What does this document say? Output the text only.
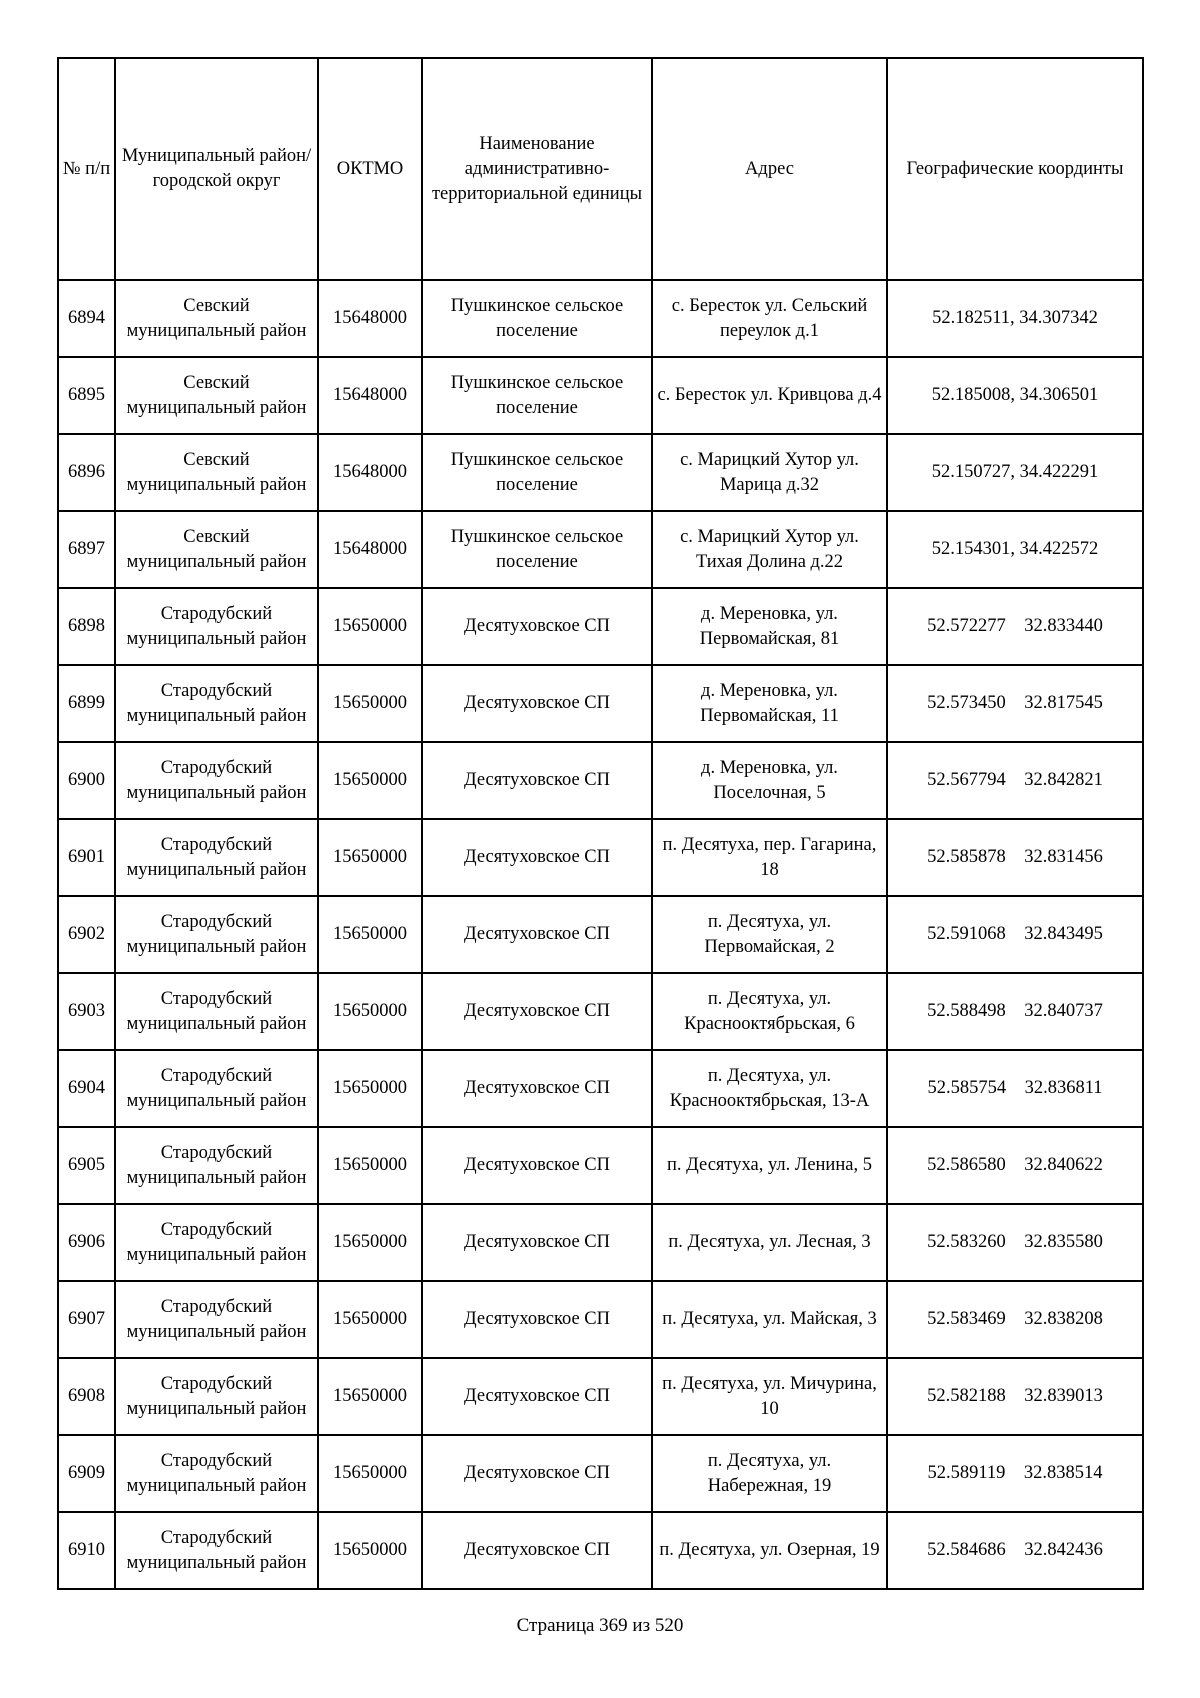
№ п/п	Муниципальный район/городской округ	ОКТМО	Наименование административно-территориальной единицы	Адрес	Географические координты
6894	Севский муниципальный район	15648000	Пушкинское сельское поселение	с. Бересток ул. Сельский переулок д.1	52.182511, 34.307342
6895	Севский муниципальный район	15648000	Пушкинское сельское поселение	с. Бересток ул. Кривцова д.4	52.185008, 34.306501
6896	Севский муниципальный район	15648000	Пушкинское сельское поселение	с. Марицкий Хутор ул. Марица д.32	52.150727, 34.422291
6897	Севский муниципальный район	15648000	Пушкинское сельское поселение	с. Марицкий Хутор ул. Тихая Долина д.22	52.154301, 34.422572
6898	Стародубский муниципальный район	15650000	Десятуховское СП	д. Мереновка, ул. Первомайская, 81	52.572277    32.833440
6899	Стародубский муниципальный район	15650000	Десятуховское СП	д. Мереновка, ул. Первомайская, 11	52.573450    32.817545
6900	Стародубский муниципальный район	15650000	Десятуховское СП	д. Мереновка, ул. Поселочная, 5	52.567794    32.842821
6901	Стародубский муниципальный район	15650000	Десятуховское СП	п. Десятуха, пер. Гагарина, 18	52.585878    32.831456
6902	Стародубский муниципальный район	15650000	Десятуховское СП	п. Десятуха, ул. Первомайская, 2	52.591068    32.843495
6903	Стародубский муниципальный район	15650000	Десятуховское СП	п. Десятуха, ул. Краснооктябрьская, 6	52.588498    32.840737
6904	Стародубский муниципальный район	15650000	Десятуховское СП	п. Десятуха, ул. Краснооктябрьская, 13-А	52.585754    32.836811
6905	Стародубский муниципальный район	15650000	Десятуховское СП	п. Десятуха, ул. Ленина, 5	52.586580    32.840622
6906	Стародубский муниципальный район	15650000	Десятуховское СП	п. Десятуха, ул. Лесная, 3	52.583260    32.835580
6907	Стародубский муниципальный район	15650000	Десятуховское СП	п. Десятуха, ул. Майская, 3	52.583469    32.838208
6908	Стародубский муниципальный район	15650000	Десятуховское СП	п. Десятуха, ул. Мичурина, 10	52.582188    32.839013
6909	Стародубский муниципальный район	15650000	Десятуховское СП	п. Десятуха, ул. Набережная, 19	52.589119    32.838514
6910	Стародубский муниципальный район	15650000	Десятуховское СП	п. Десятуха, ул. Озерная, 19	52.584686    32.842436
Страница 369 из 520
